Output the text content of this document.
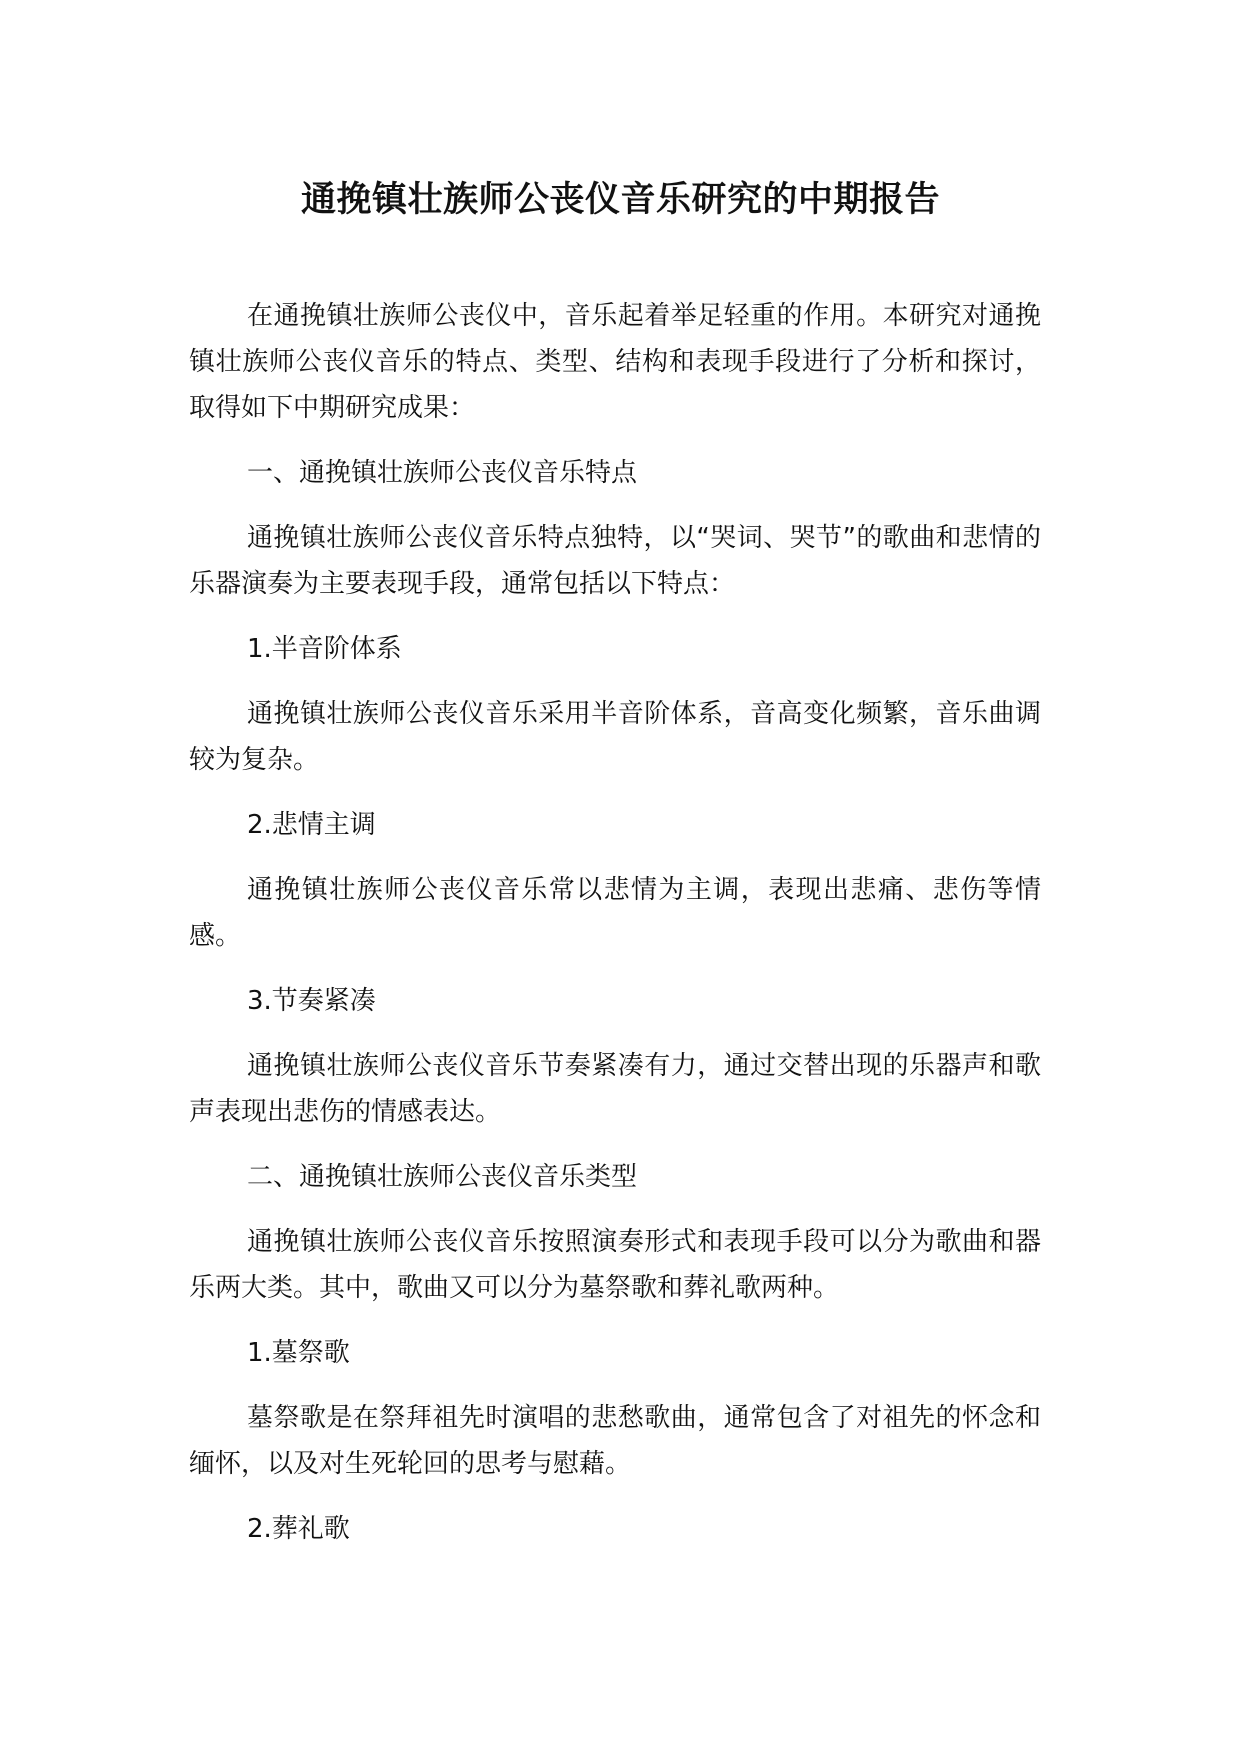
通挽镇壮族师公丧仪音乐研究的中期报告

在通挽镇壮族师公丧仪中，音乐起着举足轻重的作用。本研究对通挽镇壮族师公丧仪音乐的特点、类型、结构和表现手段进行了分析和探讨，取得如下中期研究成果：

一、通挽镇壮族师公丧仪音乐特点

通挽镇壮族师公丧仪音乐特点独特，以“哭词、哭节”的歌曲和悲情的乐器演奏为主要表现手段，通常包括以下特点：

1.半音阶体系

通挽镇壮族师公丧仪音乐采用半音阶体系，音高变化频繁，音乐曲调较为复杂。

2.悲情主调

通挽镇壮族师公丧仪音乐常以悲情为主调，表现出悲痛、悲伤等情感。

3.节奏紧凑

通挽镇壮族师公丧仪音乐节奏紧凑有力，通过交替出现的乐器声和歌声表现出悲伤的情感表达。

二、通挽镇壮族师公丧仪音乐类型

通挽镇壮族师公丧仪音乐按照演奏形式和表现手段可以分为歌曲和器乐两大类。其中，歌曲又可以分为墓祭歌和葬礼歌两种。

1.墓祭歌

墓祭歌是在祭拜祖先时演唱的悲愁歌曲，通常包含了对祖先的怀念和缅怀，以及对生死轮回的思考与慰藉。

2.葬礼歌
